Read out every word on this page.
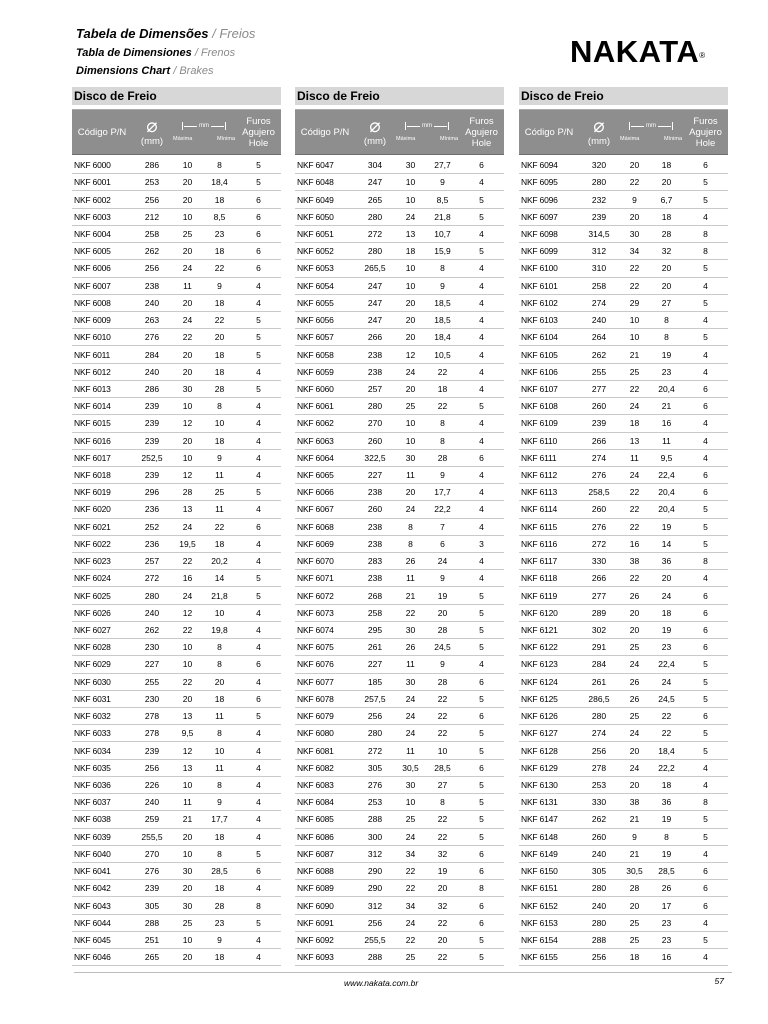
Tabela de Dimensões / Freios
Tabla de Dimensiones / Frenos
Dimensions Chart / Brakes
NAKATA®
Disco de Freio
Código P/N	⌀
(mm)
mm
Máxima	Mínima
Furos Agujero Hole
NKF 6000	286	10	8	5
NKF 6001	253	20	18,4	5
NKF 6002	256	20	18	6
NKF 6003	212	10	8,5	6
NKF 6004	258	25	23	6
NKF 6005	262	20	18	6
NKF 6006	256	24	22	6
NKF 6007	238	11	9	4
NKF 6008	240	20	18	4
NKF 6009	263	24	22	5
NKF 6010	276	22	20	5
NKF 6011	284	20	18	5
NKF 6012	240	20	18	4
NKF 6013	286	30	28	5
NKF 6014	239	10	8	4
NKF 6015	239	12	10	4
NKF 6016	239	20	18	4
NKF 6017	252,5	10	9	4
NKF 6018	239	12	11	4
NKF 6019	296	28	25	5
NKF 6020	236	13	11	4
NKF 6021	252	24	22	6
NKF 6022	236	19,5	18	4
NKF 6023	257	22	20,2	4
NKF 6024	272	16	14	5
NKF 6025	280	24	21,8	5
NKF 6026	240	12	10	4
NKF 6027	262	22	19,8	4
NKF 6028	230	10	8	4
NKF 6029	227	10	8	6
NKF 6030	255	22	20	4
NKF 6031	230	20	18	6
NKF 6032	278	13	11	5
NKF 6033	278	9,5	8	4
NKF 6034	239	12	10	4
NKF 6035	256	13	11	4
NKF 6036	226	10	8	4
NKF 6037	240	11	9	4
NKF 6038	259	21	17,7	4
NKF 6039	255,5	20	18	4
NKF 6040	270	10	8	5
NKF 6041	276	30	28,5	6
NKF 6042	239	20	18	4
NKF 6043	305	30	28	8
NKF 6044	288	25	23	5
NKF 6045	251	10	9	4
NKF 6046	265	20	18	4
Disco de Freio
Código P/N	⌀
(mm)
mm
Máxima	Mínima
Furos Agujero Hole
NKF 6047	304	30	27,7	6
NKF 6048	247	10	9	4
NKF 6049	265	10	8,5	5
NKF 6050	280	24	21,8	5
NKF 6051	272	13	10,7	4
NKF 6052	280	18	15,9	5
NKF 6053	265,5	10	8	4
NKF 6054	247	10	9	4
NKF 6055	247	20	18,5	4
NKF 6056	247	20	18,5	4
NKF 6057	266	20	18,4	4
NKF 6058	238	12	10,5	4
NKF 6059	238	24	22	4
NKF 6060	257	20	18	4
NKF 6061	280	25	22	5
NKF 6062	270	10	8	4
NKF 6063	260	10	8	4
NKF 6064	322,5	30	28	6
NKF 6065	227	11	9	4
NKF 6066	238	20	17,7	4
NKF 6067	260	24	22,2	4
NKF 6068	238	8	7	4
NKF 6069	238	8	6	3
NKF 6070	283	26	24	4
NKF 6071	238	11	9	4
NKF 6072	268	21	19	5
NKF 6073	258	22	20	5
NKF 6074	295	30	28	5
NKF 6075	261	26	24,5	5
NKF 6076	227	11	9	4
NKF 6077	185	30	28	6
NKF 6078	257,5	24	22	5
NKF 6079	256	24	22	6
NKF 6080	280	24	22	5
NKF 6081	272	11	10	5
NKF 6082	305	30,5	28,5	6
NKF 6083	276	30	27	5
NKF 6084	253	10	8	5
NKF 6085	288	25	22	5
NKF 6086	300	24	22	5
NKF 6087	312	34	32	6
NKF 6088	290	22	19	6
NKF 6089	290	22	20	8
NKF 6090	312	34	32	6
NKF 6091	256	24	22	6
NKF 6092	255,5	22	20	5
NKF 6093	288	25	22	5
Disco de Freio
Código P/N	⌀
(mm)
mm
Máxima	Mínima
Furos Agujero Hole
NKF 6094	320	20	18	6
NKF 6095	280	22	20	5
NKF 6096	232	9	6,7	5
NKF 6097	239	20	18	4
NKF 6098	314,5	30	28	8
NKF 6099	312	34	32	8
NKF 6100	310	22	20	5
NKF 6101	258	22	20	4
NKF 6102	274	29	27	5
NKF 6103	240	10	8	4
NKF 6104	264	10	8	5
NKF 6105	262	21	19	4
NKF 6106	255	25	23	4
NKF 6107	277	22	20,4	6
NKF 6108	260	24	21	6
NKF 6109	239	18	16	4
NKF 6110	266	13	11	4
NKF 6111	274	11	9,5	4
NKF 6112	276	24	22,4	6
NKF 6113	258,5	22	20,4	6
NKF 6114	260	22	20,4	5
NKF 6115	276	22	19	5
NKF 6116	272	16	14	5
NKF 6117	330	38	36	8
NKF 6118	266	22	20	4
NKF 6119	277	26	24	6
NKF 6120	289	20	18	6
NKF 6121	302	20	19	6
NKF 6122	291	25	23	6
NKF 6123	284	24	22,4	5
NKF 6124	261	26	24	5
NKF 6125	286,5	26	24,5	5
NKF 6126	280	25	22	6
NKF 6127	274	24	22	5
NKF 6128	256	20	18,4	5
NKF 6129	278	24	22,2	4
NKF 6130	253	20	18	4
NKF 6131	330	38	36	8
NKF 6147	262	21	19	5
NKF 6148	260	9	8	5
NKF 6149	240	21	19	4
NKF 6150	305	30,5	28,5	6
NKF 6151	280	28	26	6
NKF 6152	240	20	17	6
NKF 6153	280	25	23	4
NKF 6154	288	25	23	5
NKF 6155	256	18	16	4
www.nakata.com.br	57
